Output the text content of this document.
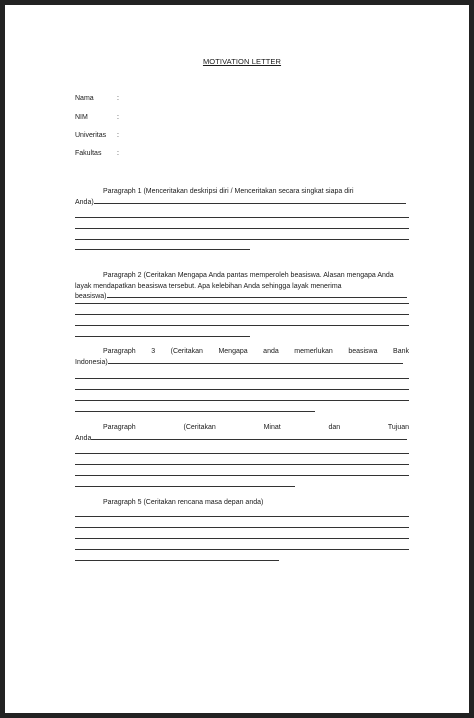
MOTIVATION LETTER
Nama	:
NIM	:
Univeritas :
Fakultas :
Paragraph 1 (Menceritakan deskripsi diri / Menceritakan secara singkat siapa diri
Anda)
Paragraph 2 (Ceritakan Mengapa Anda pantas memperoleh beasiswa. Alasan mengapa Anda
layak mendapatkan beasiswa tersebut. Apa kelebihan Anda sehingga layak menerima
beasiswa)
Paragraph 3 (Ceritakan Mengapa anda memerlukan beasiswa Bank
Indonesia)
Paragraph (Ceritakan Minat dan Tujuan
Anda
Paragraph 5 (Ceritakan rencana masa depan anda)
